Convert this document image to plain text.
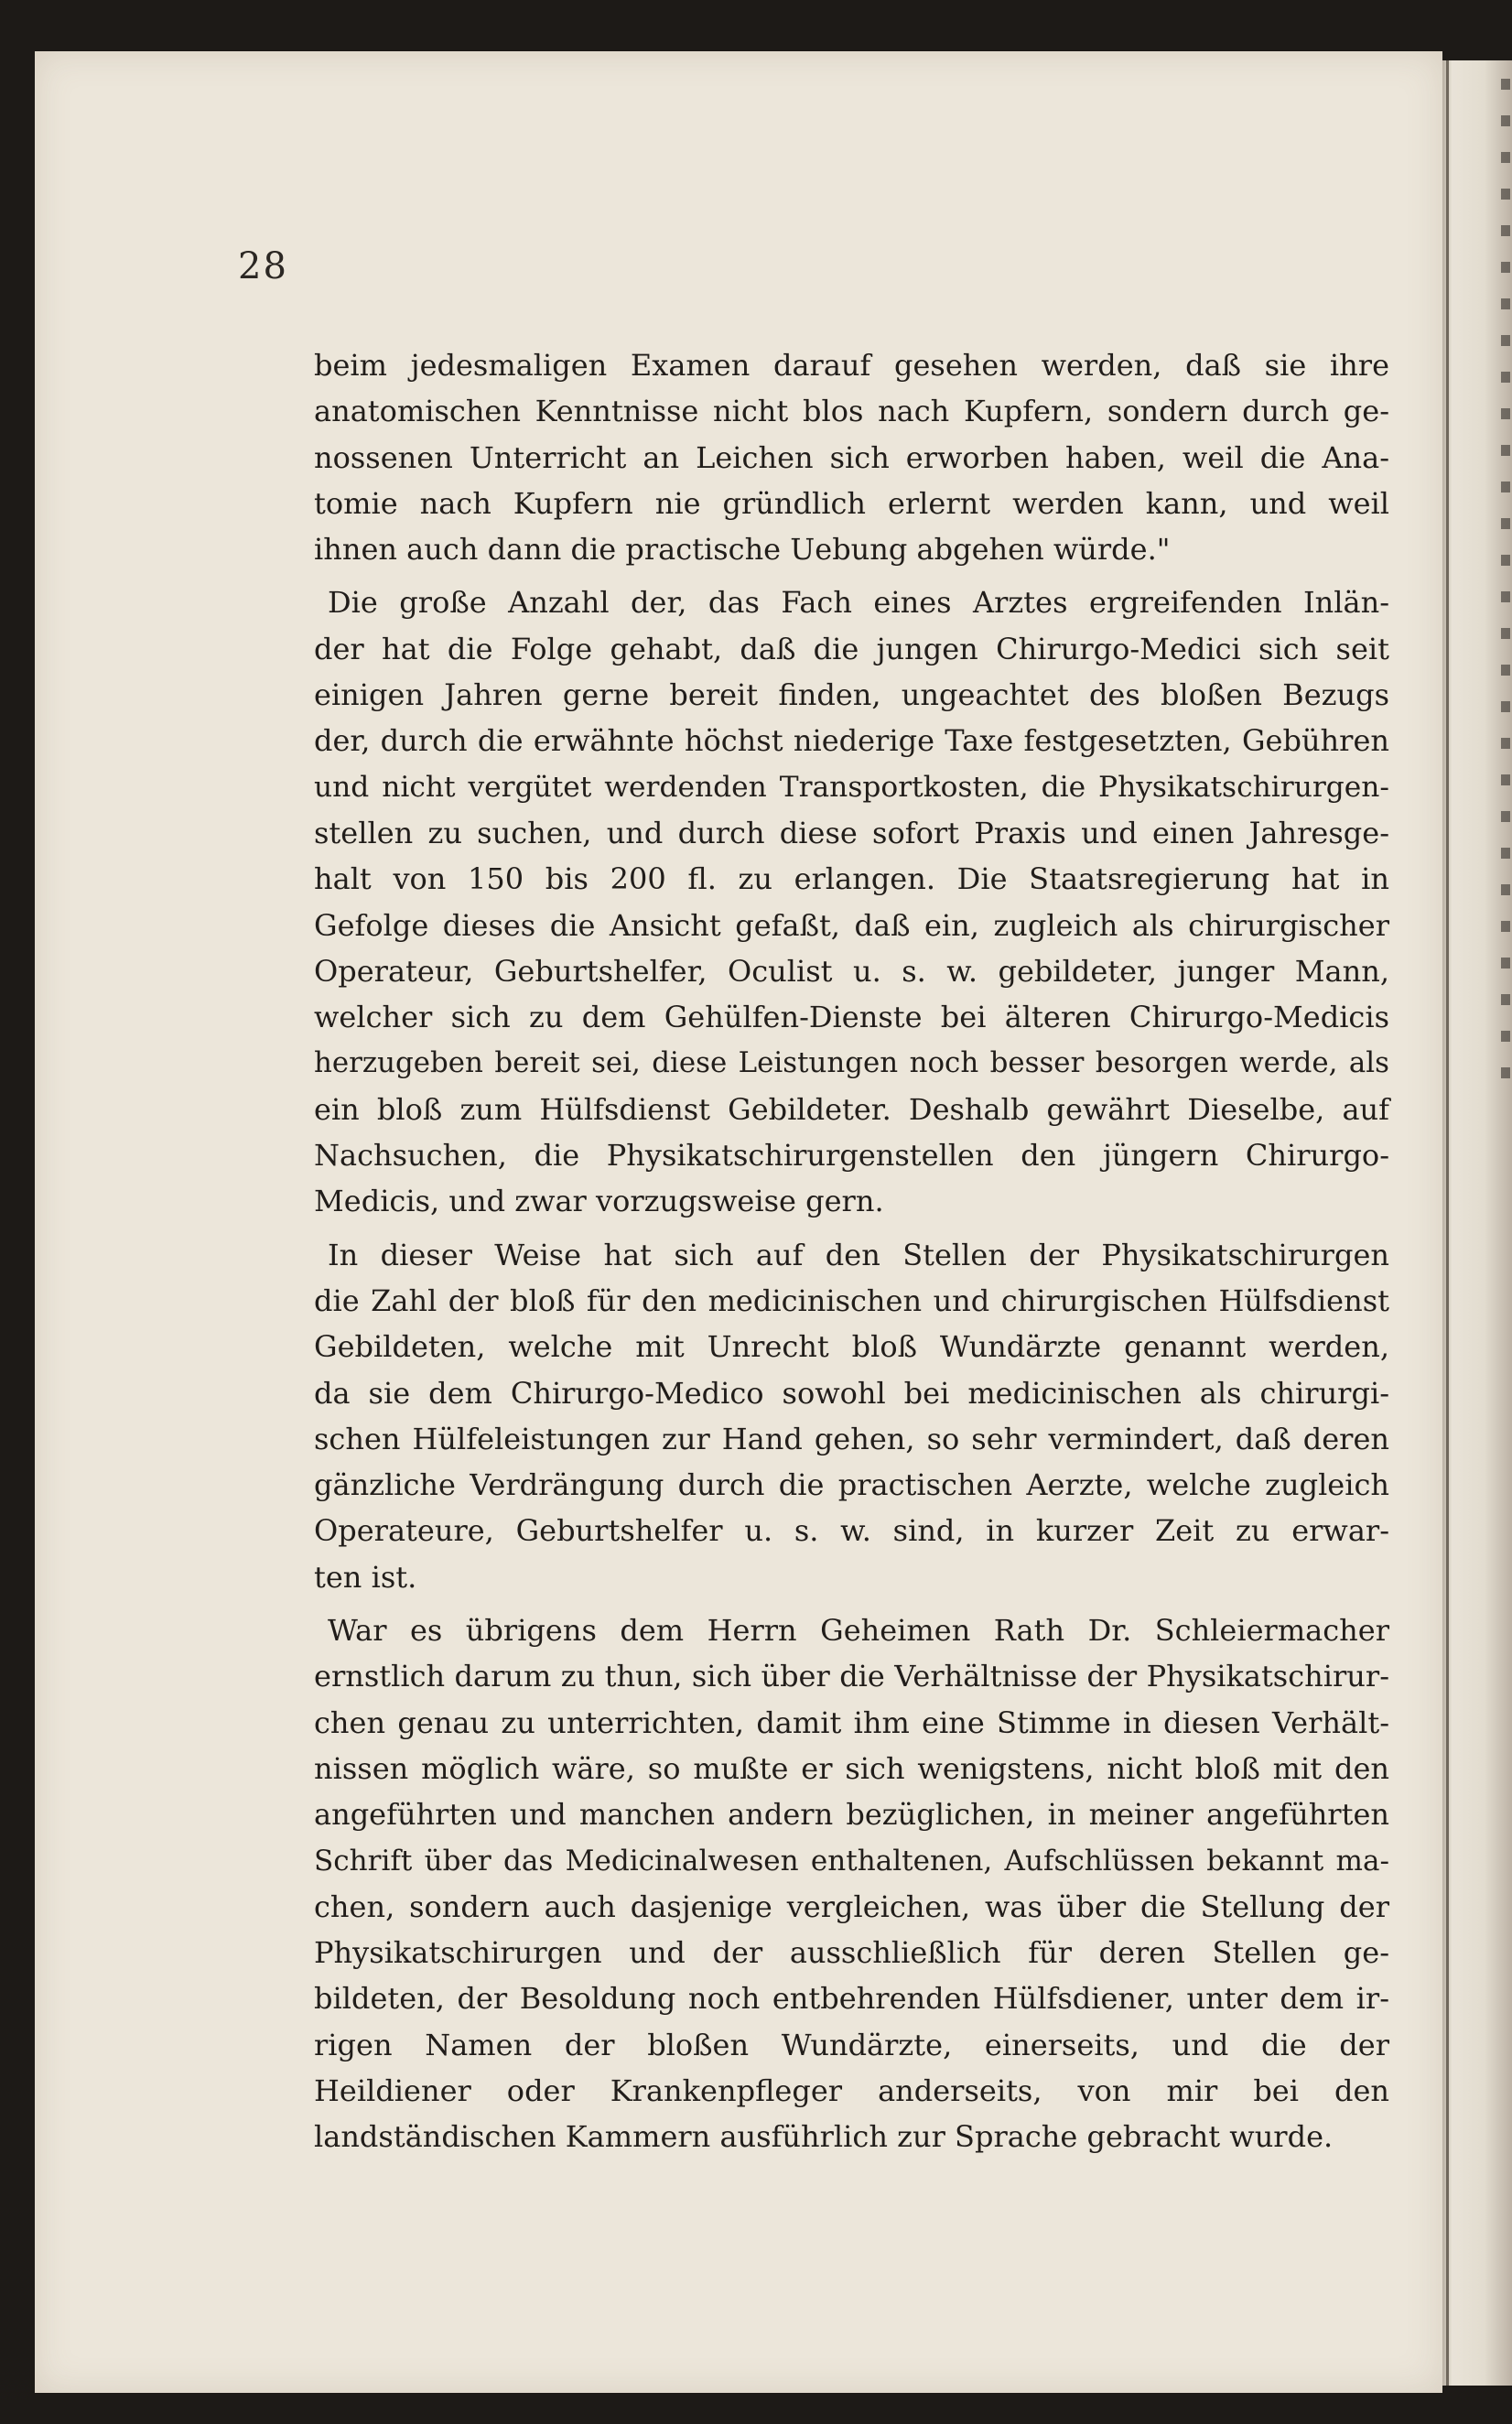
28
beim jedesmaligen Examen darauf gesehen werden, daß sie ihre
anatomischen Kenntnisse nicht blos nach Kupfern, sondern durch ge-
nossenen Unterricht an Leichen sich erworben haben, weil die Ana-
tomie nach Kupfern nie gründlich erlernt werden kann, und weil
ihnen auch dann die practische Uebung abgehen würde."
Die große Anzahl der, das Fach eines Arztes ergreifenden Inlän-
der hat die Folge gehabt, daß die jungen Chirurgo-Medici sich seit
einigen Jahren gerne bereit finden, ungeachtet des bloßen Bezugs
der, durch die erwähnte höchst niederige Taxe festgesetzten, Gebühren
und nicht vergütet werdenden Transportkosten, die Physikatschirurgen-
stellen zu suchen, und durch diese sofort Praxis und einen Jahresge-
halt von 150 bis 200 fl. zu erlangen. Die Staatsregierung hat in
Gefolge dieses die Ansicht gefaßt, daß ein, zugleich als chirurgischer
Operateur, Geburtshelfer, Oculist u. s. w. gebildeter, junger Mann,
welcher sich zu dem Gehülfen-Dienste bei älteren Chirurgo-Medicis
herzugeben bereit sei, diese Leistungen noch besser besorgen werde, als
ein bloß zum Hülfsdienst Gebildeter. Deshalb gewährt Dieselbe, auf
Nachsuchen, die Physikatschirurgenstellen den jüngern Chirurgo-
Medicis, und zwar vorzugsweise gern.
In dieser Weise hat sich auf den Stellen der Physikatschirurgen
die Zahl der bloß für den medicinischen und chirurgischen Hülfsdienst
Gebildeten, welche mit Unrecht bloß Wundärzte genannt werden,
da sie dem Chirurgo-Medico sowohl bei medicinischen als chirurgi-
schen Hülfeleistungen zur Hand gehen, so sehr vermindert, daß deren
gänzliche Verdrängung durch die practischen Aerzte, welche zugleich
Operateure, Geburtshelfer u. s. w. sind, in kurzer Zeit zu erwar-
ten ist.
War es übrigens dem Herrn Geheimen Rath Dr. Schleiermacher
ernstlich darum zu thun, sich über die Verhältnisse der Physikatschirur-
chen genau zu unterrichten, damit ihm eine Stimme in diesen Verhält-
nissen möglich wäre, so mußte er sich wenigstens, nicht bloß mit den
angeführten und manchen andern bezüglichen, in meiner angeführten
Schrift über das Medicinalwesen enthaltenen, Aufschlüssen bekannt ma-
chen, sondern auch dasjenige vergleichen, was über die Stellung der
Physikatschirurgen und der ausschließlich für deren Stellen ge-
bildeten, der Besoldung noch entbehrenden Hülfsdiener, unter dem ir-
rigen Namen der bloßen Wundärzte, einerseits, und die der
Heildiener oder Krankenpfleger anderseits, von mir bei den
landständischen Kammern ausführlich zur Sprache gebracht wurde.
